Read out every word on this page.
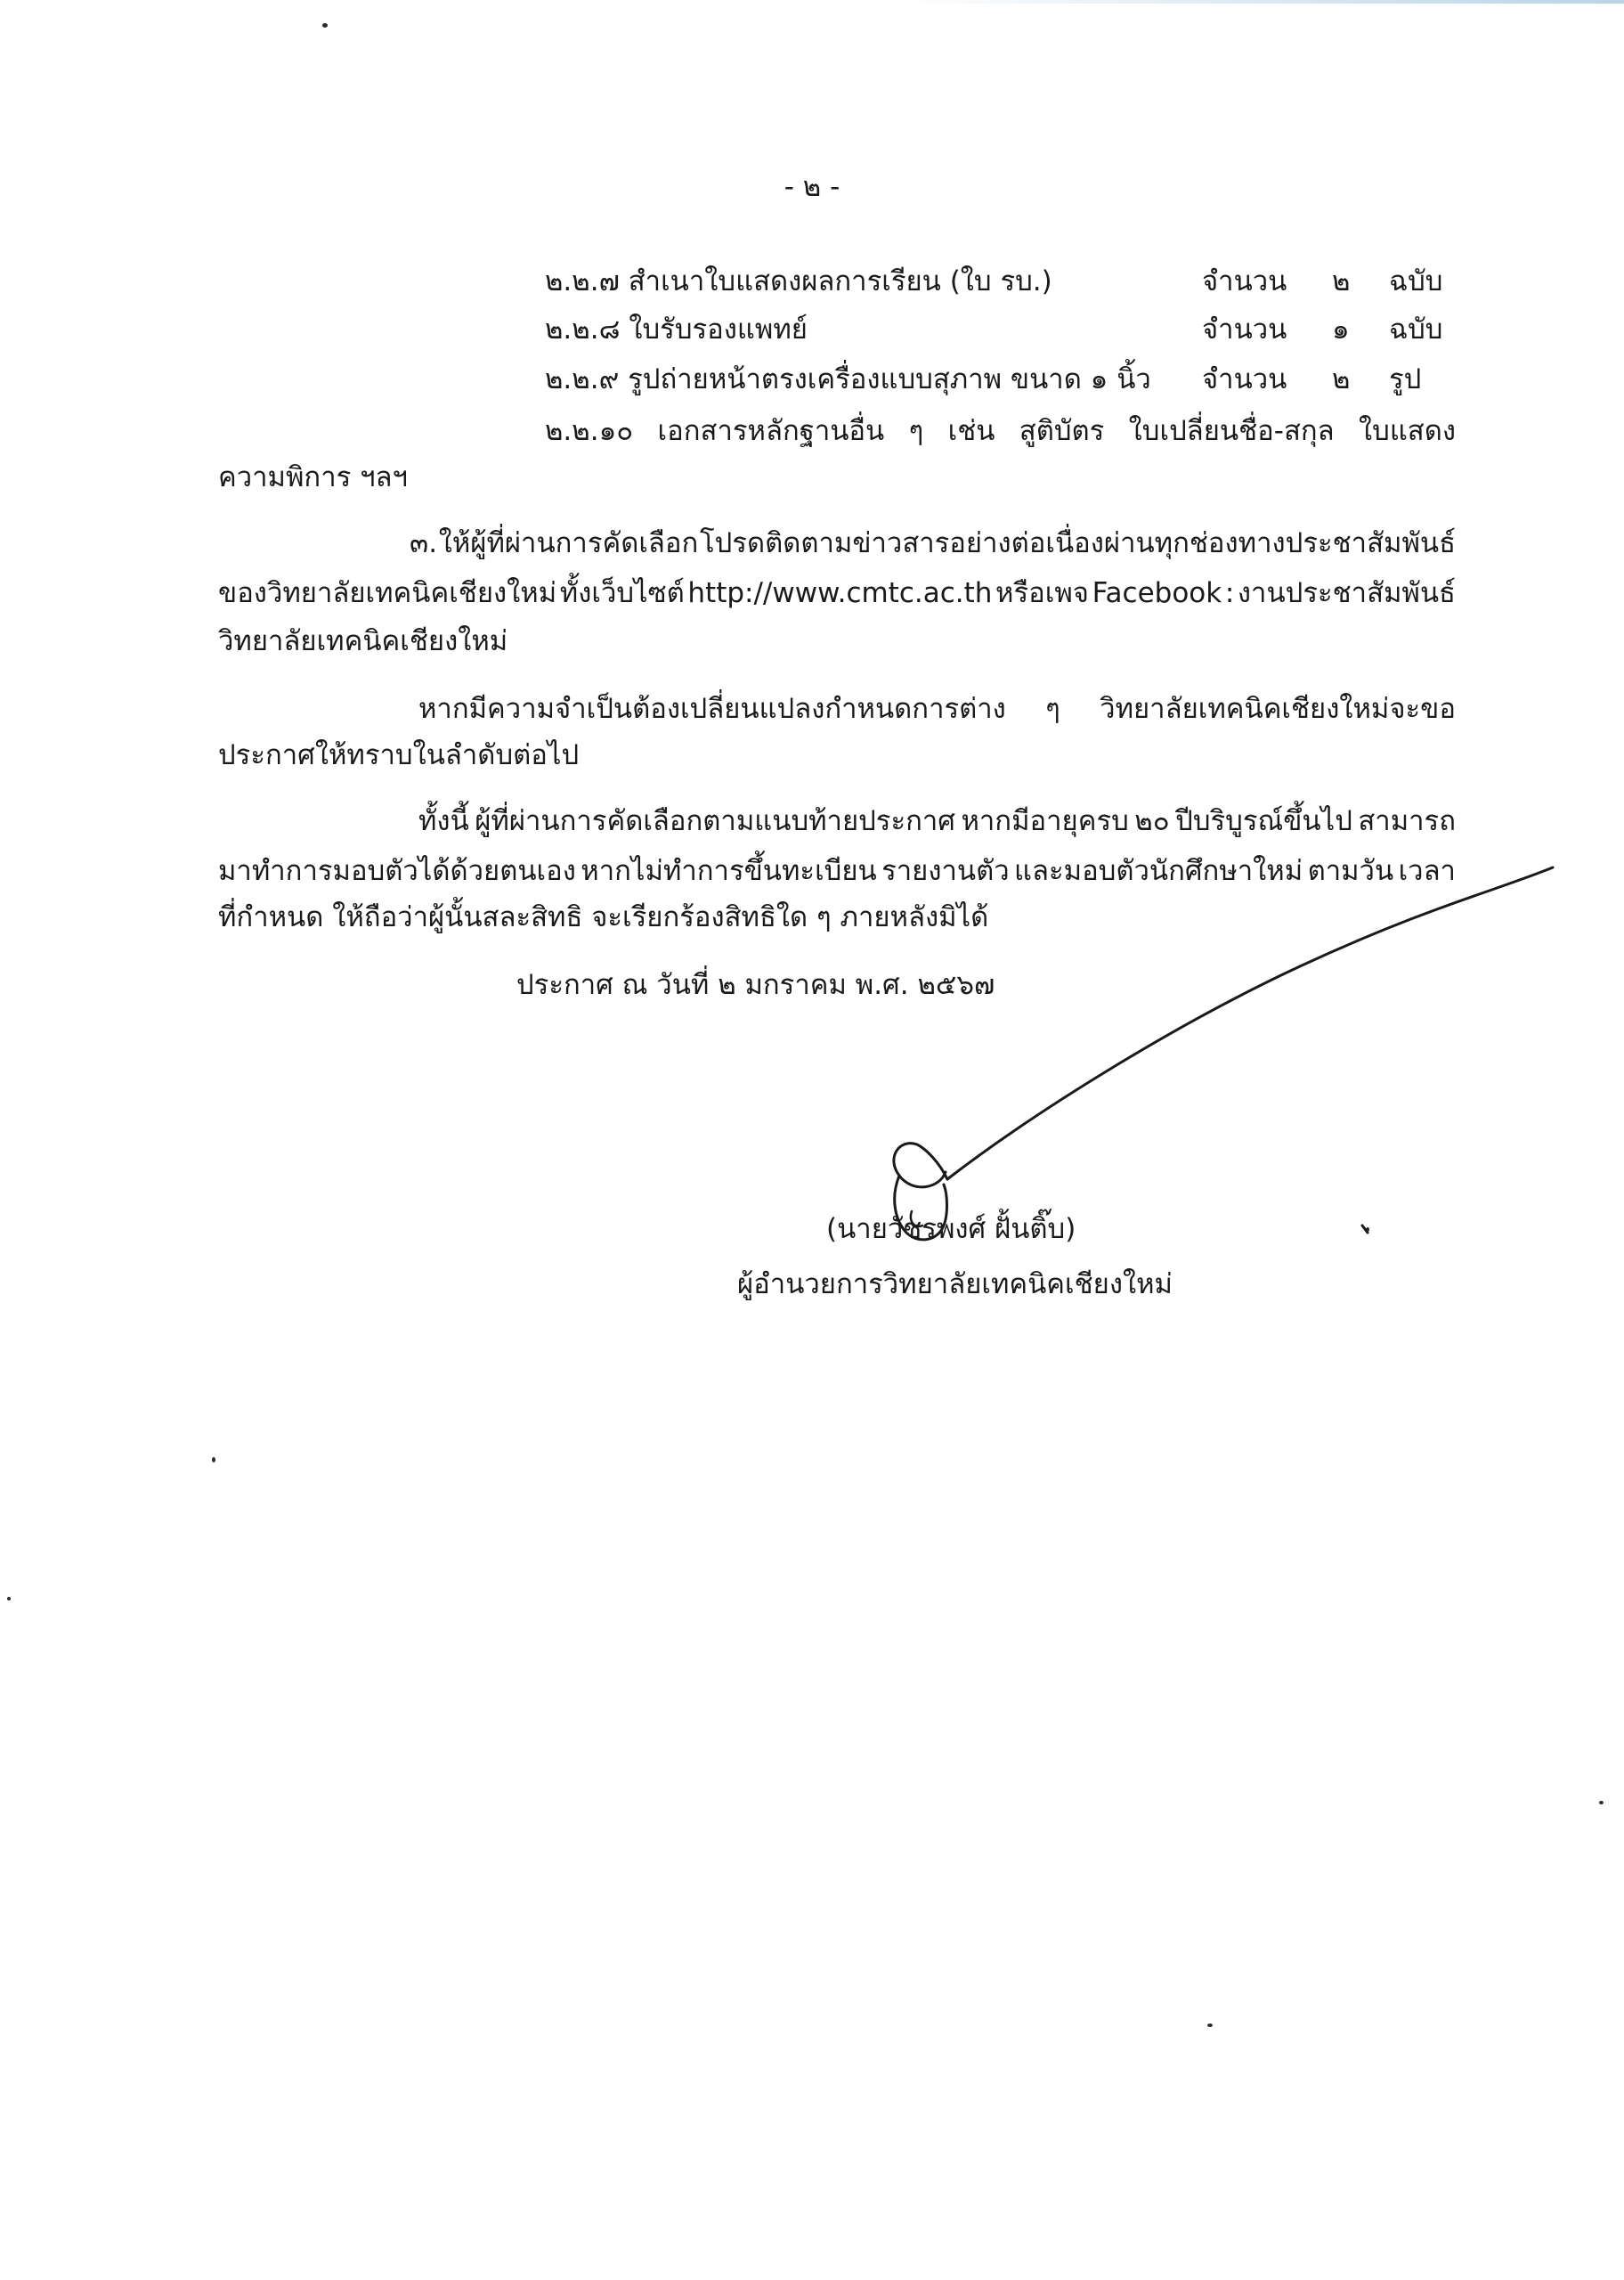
- ๒ -
๒.๒.๗ สำเนาใบแสดงผลการเรียน (ใบ รบ.)	จำนวน ๒ ฉบับ
๒.๒.๘ ใบรับรองแพทย์	จำนวน ๑ ฉบับ
๒.๒.๙ รูปถ่ายหน้าตรงเครื่องแบบสุภาพ ขนาด ๑ นิ้ว จำนวน ๒ รูป
๒.๒.๑๐ เอกสารหลักฐานอื่น ๆ เช่น สูติบัตร ใบเปลี่ยนชื่อ-สกุล ใบแสดง
ความพิการ ฯลฯ
๓. ให้ผู้ที่ผ่านการคัดเลือก โปรดติดตามข่าวสารอย่างต่อเนื่องผ่านทุกช่องทางประชาสัมพันธ์
ของวิทยาลัยเทคนิคเชียงใหม่ ทั้งเว็บไซต์ http://www.cmtc.ac.th หรือเพจ Facebook : งานประชาสัมพันธ์
วิทยาลัยเทคนิคเชียงใหม่
หากมีความจำเป็นต้องเปลี่ยนแปลงกำหนดการต่าง ๆ วิทยาลัยเทคนิคเชียงใหม่จะขอ
ประกาศให้ทราบในลำดับต่อไป
ทั้งนี้ ผู้ที่ผ่านการคัดเลือกตามแนบท้ายประกาศ หากมีอายุครบ ๒๐ ปีบริบูรณ์ขึ้นไป สามารถ
มาทำการมอบตัวได้ด้วยตนเอง หากไม่ทำการขึ้นทะเบียน รายงานตัว และมอบตัวนักศึกษาใหม่ ตามวัน เวลา
ที่กำหนด ให้ถือว่าผู้นั้นสละสิทธิ จะเรียกร้องสิทธิใด ๆ ภายหลังมิได้
ประกาศ ณ วันที่ ๒ มกราคม พ.ศ. ๒๕๖๗
(นายวัชรพงศ์ ฝั้นติ๊บ)
ผู้อำนวยการวิทยาลัยเทคนิคเชียงใหม่
